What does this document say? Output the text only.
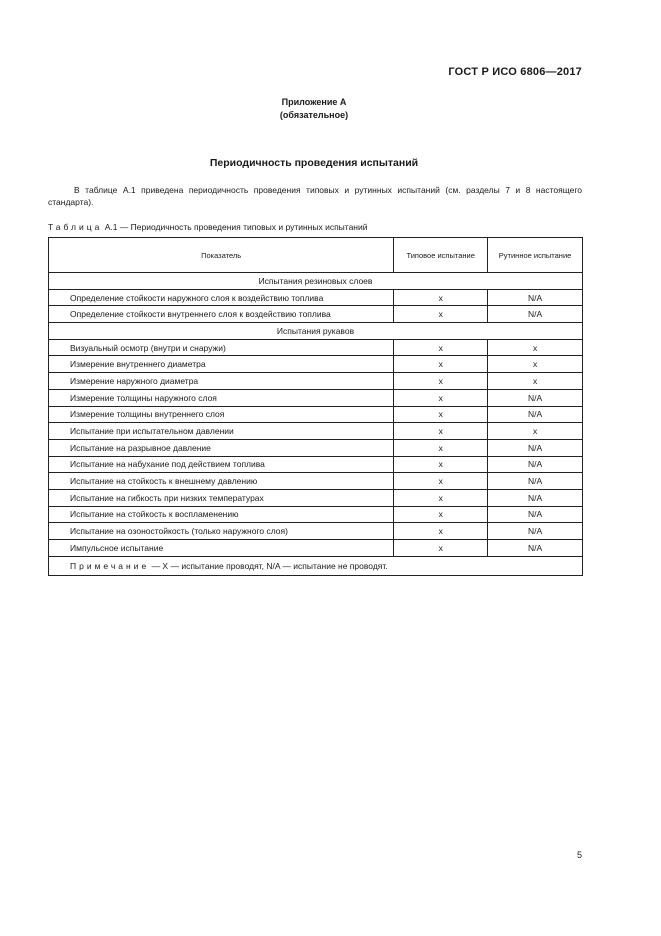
ГОСТ Р ИСО 6806—2017
Приложение А
(обязательное)
Периодичность проведения испытаний
В таблице А.1 приведена периодичность проведения типовых и рутинных испытаний (см. разделы 7 и 8 настоящего стандарта).
Таблица А.1 — Периодичность проведения типовых и рутинных испытаний
Показатель	Типовое испытание	Рутинное испытание
Испытания резиновых слоев		
Определение стойкости наружного слоя к воздействию топлива	х	N/A
Определение стойкости внутреннего слоя к воздействию топлива	х	N/A
Испытания рукавов		
Визуальный осмотр (внутри и снаружи)	х	х
Измерение внутреннего диаметра	х	х
Измерение наружного диаметра	х	х
Измерение толщины наружного слоя	х	N/A
Измерение толщины внутреннего слоя	х	N/A
Испытание при испытательном давлении	х	х
Испытание на разрывное давление	х	N/A
Испытание на набухание под действием топлива	х	N/A
Испытание на стойкость к внешнему давлению	х	N/A
Испытание на гибкость при низких температурах	х	N/A
Испытание на стойкость к воспламенению	х	N/A
Испытание на озоностойкость (только наружного слоя)	х	N/A
Импульсное испытание	х	N/A
Примечание — X — испытание проводят, N/A — испытание не проводят.		
5
